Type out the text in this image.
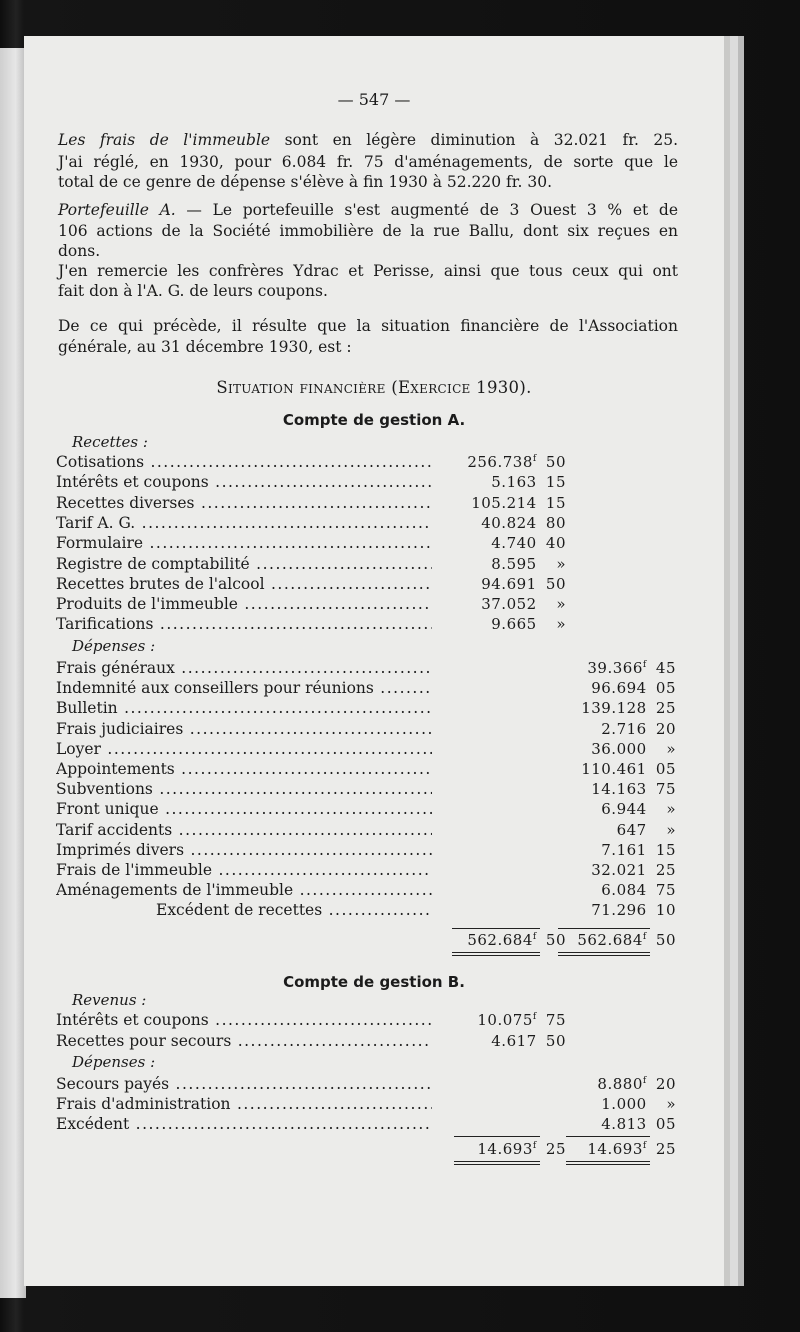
— 547 —
Les frais de l'immeuble sont en légère diminution à 32.021 fr. 25.
J'ai réglé, en 1930, pour 6.084 fr. 75 d'aménagements, de sorte que le
total de ce genre de dépense s'élève à fin 1930 à 52.220 fr. 30.
Portefeuille A. — Le portefeuille s'est augmenté de 3 Ouest 3 % et de
106 actions de la Société immobilière de la rue Ballu, dont six reçues en
dons.
J'en remercie les confrères Ydrac et Perisse, ainsi que tous ceux qui ont
fait don à l'A. G. de leurs coupons.
De ce qui précède, il résulte que la situation financière de l'Association
générale, au 31 décembre 1930, est :
Situation financière (Exercice 1930).
Compte de gestion A.
Recettes :
Cotisations .....	256.738$^f$ 50
Intérêts et coupons .....	5.163 15
Recettes diverses .....	105.214 15
Tarif A. G. .....	40.824 80
Formulaire .....	4.740 40
Registre de comptabilité .....	8.595 »
Recettes brutes de l'alcool .....	94.691 50
Produits de l'immeuble .....	37.052 »
Tarifications .....	9.665 »
Dépenses :
Frais généraux .....	39.366$^f$ 45
Indemnité aux conseillers pour réunions .....	96.694 05
Bulletin .....	139.128 25
Frais judiciaires .....	2.716 20
Loyer .....	36.000 »
Appointements .....	110.461 05
Subventions .....	14.163 75
Front unique .....	6.944 »
Tarif accidents .....	647 »
Imprimés divers .....	7.161 15
Frais de l'immeuble .....	32.021 25
Aménagements de l'immeuble .....	6.084 75
Excédent de recettes .....	71.296 10
562.684$^f$ 50 562.684$^f$ 50
Compte de gestion B.
Revenus :
Intérêts et coupons .....	10.075$^f$ 75
Recettes pour secours .....	4.617 50
Dépenses :
Secours payés .....	8.880$^f$ 20
Frais d'administration .....	1.000 »
Excédent .....	4.813 05
14.693$^f$ 25	14.693$^f$ 25
